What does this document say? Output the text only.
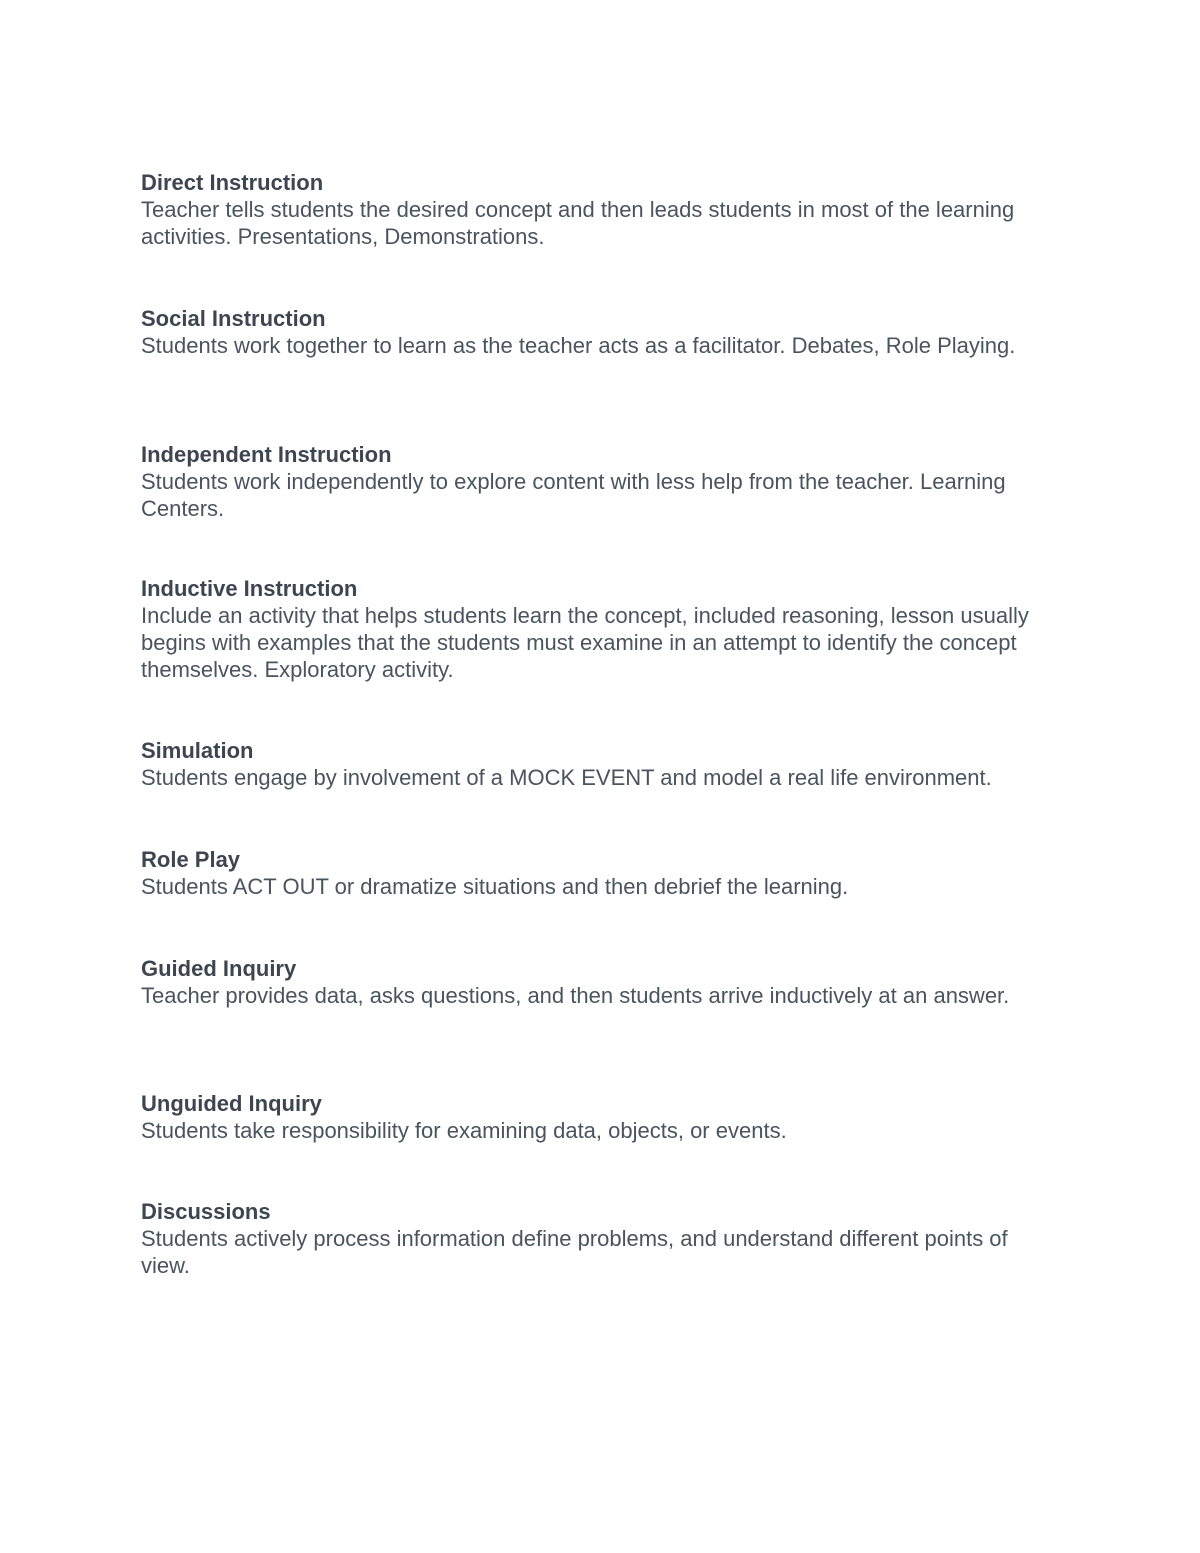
Direct Instruction

Teacher tells students the desired concept and then leads students in most of the learning activities. Presentations, Demonstrations.

Social Instruction

Students work together to learn as the teacher acts as a facilitator. Debates, Role Playing.

Independent Instruction

Students work independently to explore content with less help from the teacher. Learning Centers.

Inductive Instruction

Include an activity that helps students learn the concept, included reasoning, lesson usually begins with examples that the students must examine in an attempt to identify the concept themselves. Exploratory activity.

Simulation

Students engage by involvement of a MOCK EVENT and model a real life environment.

Role Play

Students ACT OUT or dramatize situations and then debrief the learning.

Guided Inquiry

Teacher provides data, asks questions, and then students arrive inductively at an answer.

Unguided Inquiry

Students take responsibility for examining data, objects, or events.

Discussions

Students actively process information define problems, and understand different points of view.
